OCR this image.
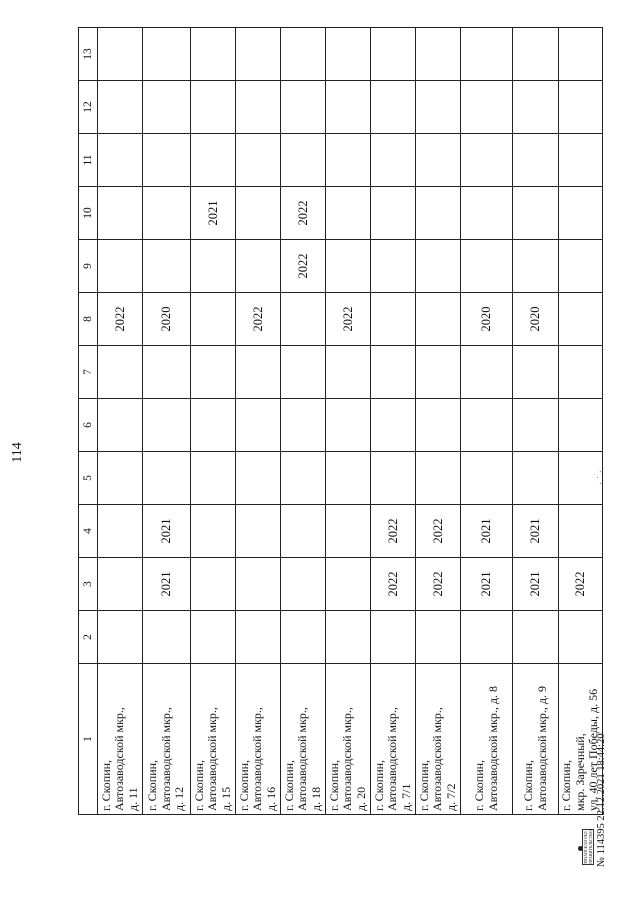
114
1	2	3	4	5	6	7	8	9	10	11	12	13

г. Скопин, Автозаводской мкр., д. 11							2022					

г. Скопин, Автозаводской мкр., д. 12		2021	2021				2020					

г. Скопин, Автозаводской мкр., д. 15									2021			

г. Скопин, Автозаводской мкр., д. 16							2022					

г. Скопин, Автозаводской мкр., д. 18								2022	2022			

г. Скопин, Автозаводской мкр., д. 20							2022					

г. Скопин, Автозаводской мкр., д. 7/1		2022	2022									

г. Скопин, Автозаводской мкр., д. 7/2		2022	2022									

г. Скопин, Автозаводской мкр., д. 8		2021	2021				2020					

г. Скопин, Автозаводской мкр., д. 9		2021	2021				2020					

г. Скопин, мкр. Заречный, ул. 40 лет Победы, д. 56		2022										
РЯЗАНСКАЯ ОБЛ. ПРАВИТЕЛЬСТВО № 114395 22.12.2021 18:44:20
· ˙ ·
